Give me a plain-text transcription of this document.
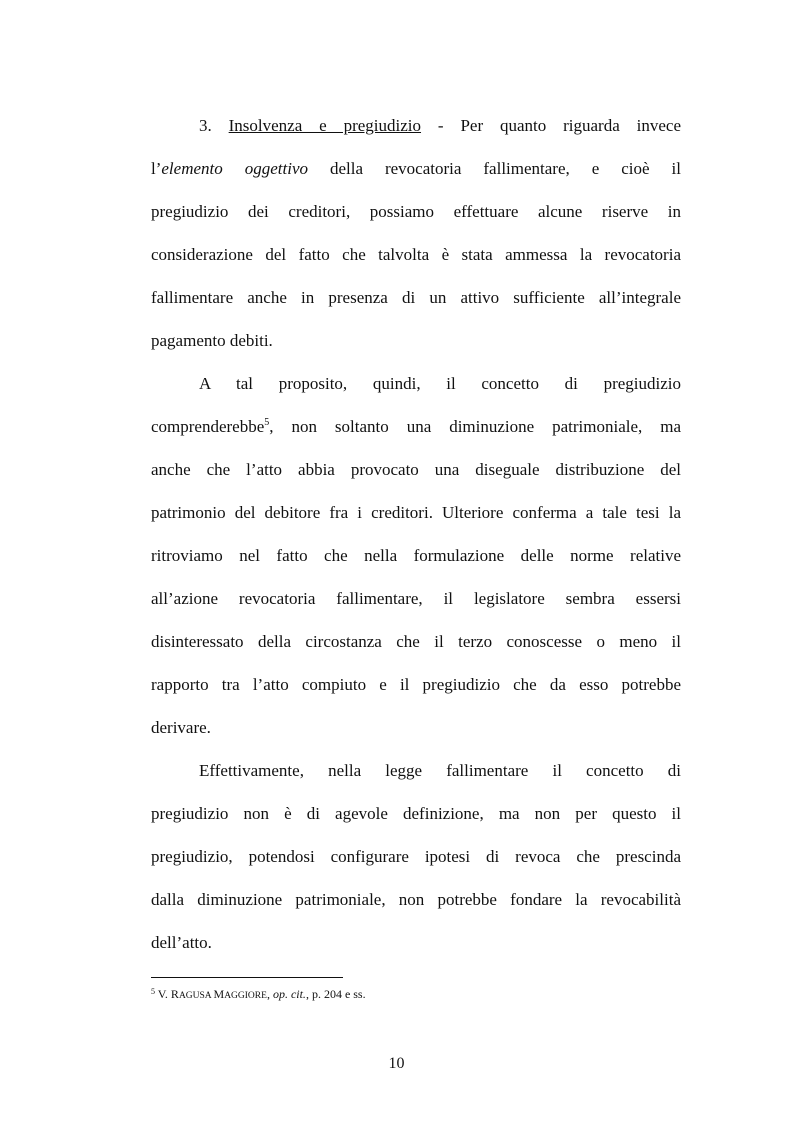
3. Insolvenza e pregiudizio - Per quanto riguarda invece
l’elemento oggettivo della revocatoria fallimentare, e cioè il
pregiudizio dei creditori, possiamo effettuare alcune riserve in
considerazione del fatto che talvolta è stata ammessa la revocatoria
fallimentare anche in presenza di un attivo sufficiente all’integrale
pagamento debiti.
A tal proposito, quindi, il concetto di pregiudizio
comprenderebbe$^5$, non soltanto una diminuzione patrimoniale, ma
anche che l’atto abbia provocato una diseguale distribuzione del
patrimonio del debitore fra i creditori. Ulteriore conferma a tale tesi la
ritroviamo nel fatto che nella formulazione delle norme relative
all’azione revocatoria fallimentare, il legislatore sembra essersi
disinteressato della circostanza che il terzo conoscesse o meno il
rapporto tra l’atto compiuto e il pregiudizio che da esso potrebbe
derivare.
Effettivamente, nella legge fallimentare il concetto di
pregiudizio non è di agevole definizione, ma non per questo il
pregiudizio, potendosi configurare ipotesi di revoca che prescinda
dalla diminuzione patrimoniale, non potrebbe fondare la revocabilità
dell’atto.
$^5$ V. RAGUSA MAGGIORE, op. cit., p. 204 e ss.
10
